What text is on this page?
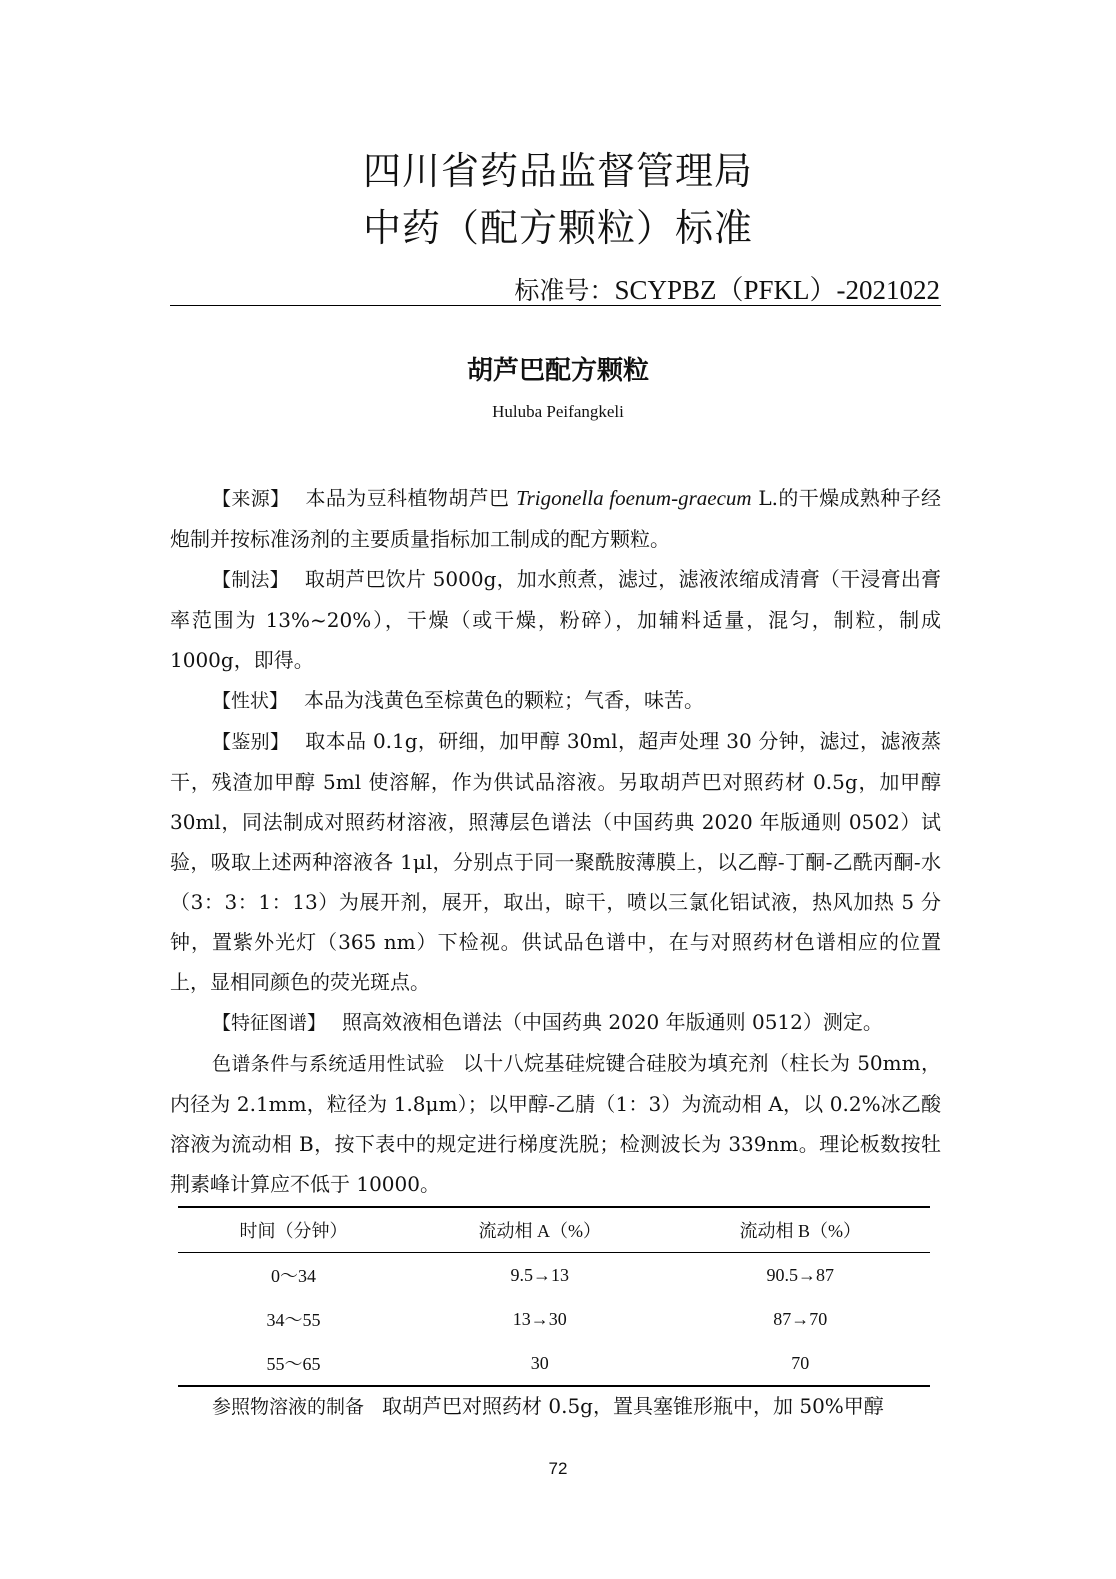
四川省药品监督管理局
中药（配方颗粒）标准
标准号：SCYPBZ（PFKL）-2021022
胡芦巴配方颗粒
Huluba Peifangkeli

【来源】 本品为豆科植物胡芦巴 Trigonella foenum-graecum L.的干燥成熟种子经炮制并按标准汤剂的主要质量指标加工制成的配方颗粒。

【制法】 取胡芦巴饮片 5000g，加水煎煮，滤过，滤液浓缩成清膏（干浸膏出膏率范围为 13%~20%），干燥（或干燥，粉碎），加辅料适量，混匀，制粒，制成 1000g，即得。

【性状】 本品为浅黄色至棕黄色的颗粒；气香，味苦。

【鉴别】 取本品 0.1g，研细，加甲醇 30ml，超声处理 30 分钟，滤过，滤液蒸干，残渣加甲醇 5ml 使溶解，作为供试品溶液。另取胡芦巴对照药材 0.5g，加甲醇 30ml，同法制成对照药材溶液，照薄层色谱法（中国药典 2020 年版通则 0502）试验，吸取上述两种溶液各 1μl，分别点于同一聚酰胺薄膜上，以乙醇-丁酮-乙酰丙酮-水（3：3：1：13）为展开剂，展开，取出，晾干，喷以三氯化铝试液，热风加热 5 分钟，置紫外光灯（365 nm）下检视。供试品色谱中，在与对照药材色谱相应的位置上，显相同颜色的荧光斑点。

【特征图谱】 照高效液相色谱法（中国药典 2020 年版通则 0512）测定。

色谱条件与系统适用性试验 以十八烷基硅烷键合硅胶为填充剂（柱长为 50mm，内径为 2.1mm，粒径为 1.8μm）；以甲醇-乙腈（1：3）为流动相 A，以 0.2%冰乙酸溶液为流动相 B，按下表中的规定进行梯度洗脱；检测波长为 339nm。理论板数按牡荆素峰计算应不低于 10000。

时间（分钟）	流动相 A（%）	流动相 B（%）
0～34	9.5→13	90.5→87
34～55	13→30	87→70
55～65	30	70

参照物溶液的制备 取胡芦巴对照药材 0.5g，置具塞锥形瓶中，加 50%甲醇

72
